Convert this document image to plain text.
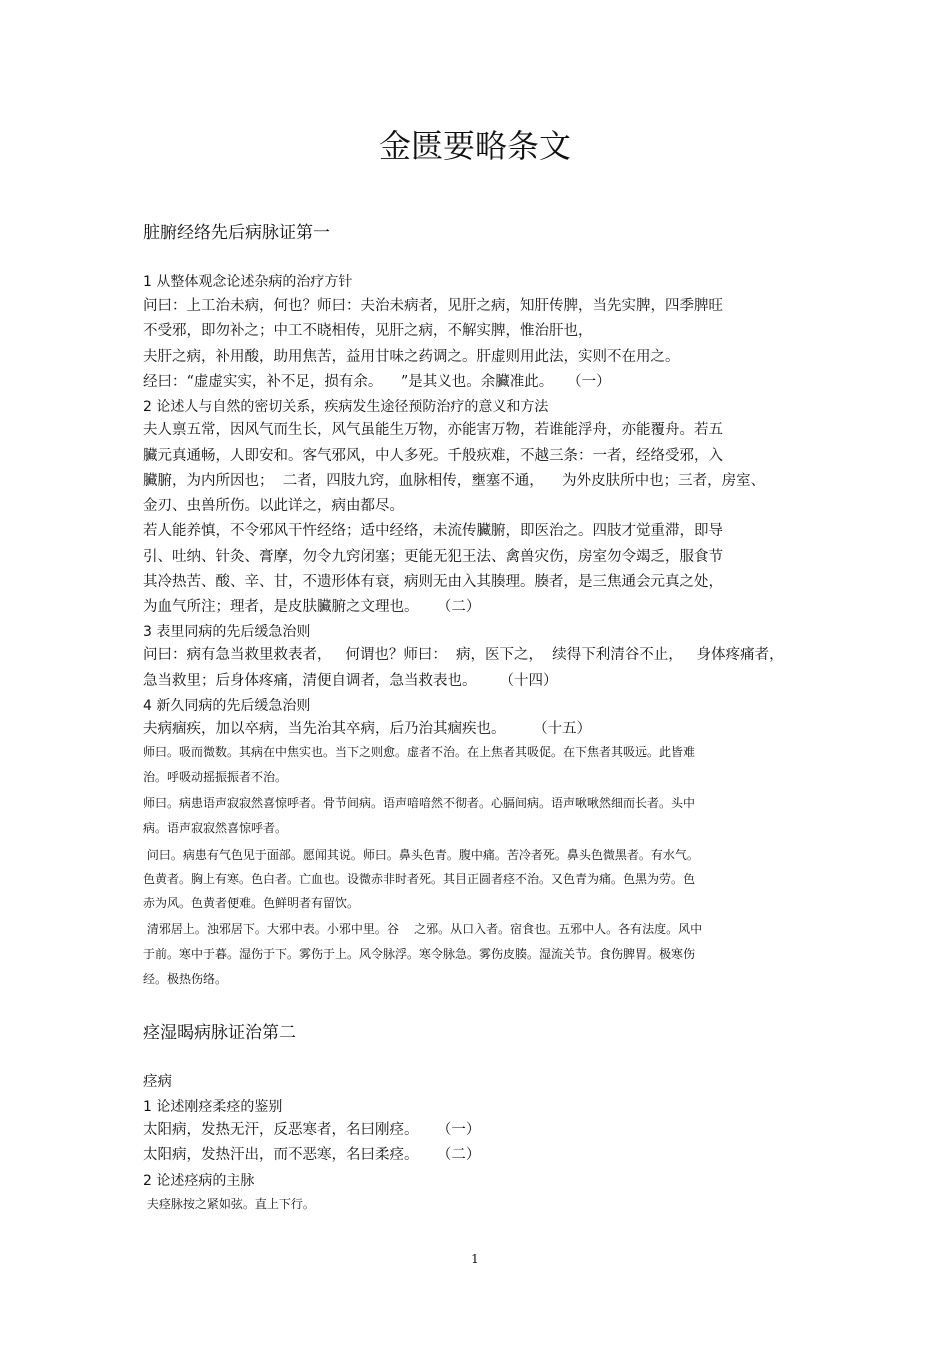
金匮要略条文
脏腑经络先后病脉证第一
1 从整体观念论述杂病的治疗方针
问曰：上工治未病，何也？师曰：夫治未病者，见肝之病，知肝传脾，当先实脾，四季脾旺
不受邪，即勿补之；中工不晓相传，见肝之病，不解实脾，惟治肝也，
夫肝之病，补用酸，助用焦苦，益用甘味之药调之。肝虚则用此法，实则不在用之。
经曰：“虚虚实实，补不足，损有余。    ”是其义也。余臟准此。   （一）
2 论述人与自然的密切关系，疾病发生途径预防治疗的意义和方法
夫人禀五常，因风气而生长，风气虽能生万物，亦能害万物，若谁能浮舟，亦能覆舟。若五
臟元真通畅，人即安和。客气邪风，中人多死。千般疢难，不越三条：一者，经络受邪，入
臟腑，为内所因也；  二者，四肢九窍，血脉相传，壅塞不通，    为外皮肤所中也；三者，房室、
金刃、虫兽所伤。以此详之，病由都尽。
若人能养慎，不令邪风干忤经络；适中经络，未流传臟腑，即医治之。四肢才觉重滞，即导
引、吐纳、针灸、膏摩，勿令九窍闭塞；更能无犯王法、禽兽灾伤，房室勿令竭乏，服食节
其冷热苦、酸、辛、甘，不遗形体有衰，病则无由入其腠理。腠者，是三焦通会元真之处，
为血气所注；理者，是皮肤臟腑之文理也。    （二）
3 表里同病的先后缓急治则
问曰：病有急当救里救表者，   何谓也？师曰：  病，医下之，  续得下利清谷不止，   身体疼痛者，
急当救里；后身体疼痛，清便自调者，急当救表也。     （十四）
4 新久同病的先后缓急治则
夫病痼疾，加以卒病，当先治其卒病，后乃治其痼疾也。      （十五）
师曰。吸而微数。其病在中焦实也。当下之则愈。虚者不治。在上焦者其吸促。在下焦者其吸远。此皆难
治。呼吸动摇振振者不治。
师曰。病患语声寂寂然喜惊呼者。骨节间病。语声喑喑然不彻者。心膈间病。语声啾啾然细而长者。头中
病。语声寂寂然喜惊呼者。
问曰。病患有气色见于面部。愿闻其说。师曰。鼻头色青。腹中痛。苦冷者死。鼻头色微黑者。有水气。
色黄者。胸上有寒。色白者。亡血也。设微赤非时者死。其目正圆者痉不治。又色青为痛。色黑为劳。色
赤为风。色黄者便难。色鲜明者有留饮。
清邪居上。浊邪居下。大邪中表。小邪中里。谷    之邪。从口入者。宿食也。五邪中人。各有法度。风中
于前。寒中于暮。湿伤于下。雾伤于上。风令脉浮。寒令脉急。雾伤皮腠。湿流关节。食伤脾胃。极寒伤
经。极热伤络。
痉湿暍病脉证治第二
痉病
1 论述刚痉柔痉的鉴别
太阳病，发热无汗，反恶寒者，名曰刚痉。    （一）
太阳病，发热汗出，而不恶寒，名曰柔痉。    （二）
2 论述痉病的主脉
夫痉脉按之紧如弦。直上下行。
1
